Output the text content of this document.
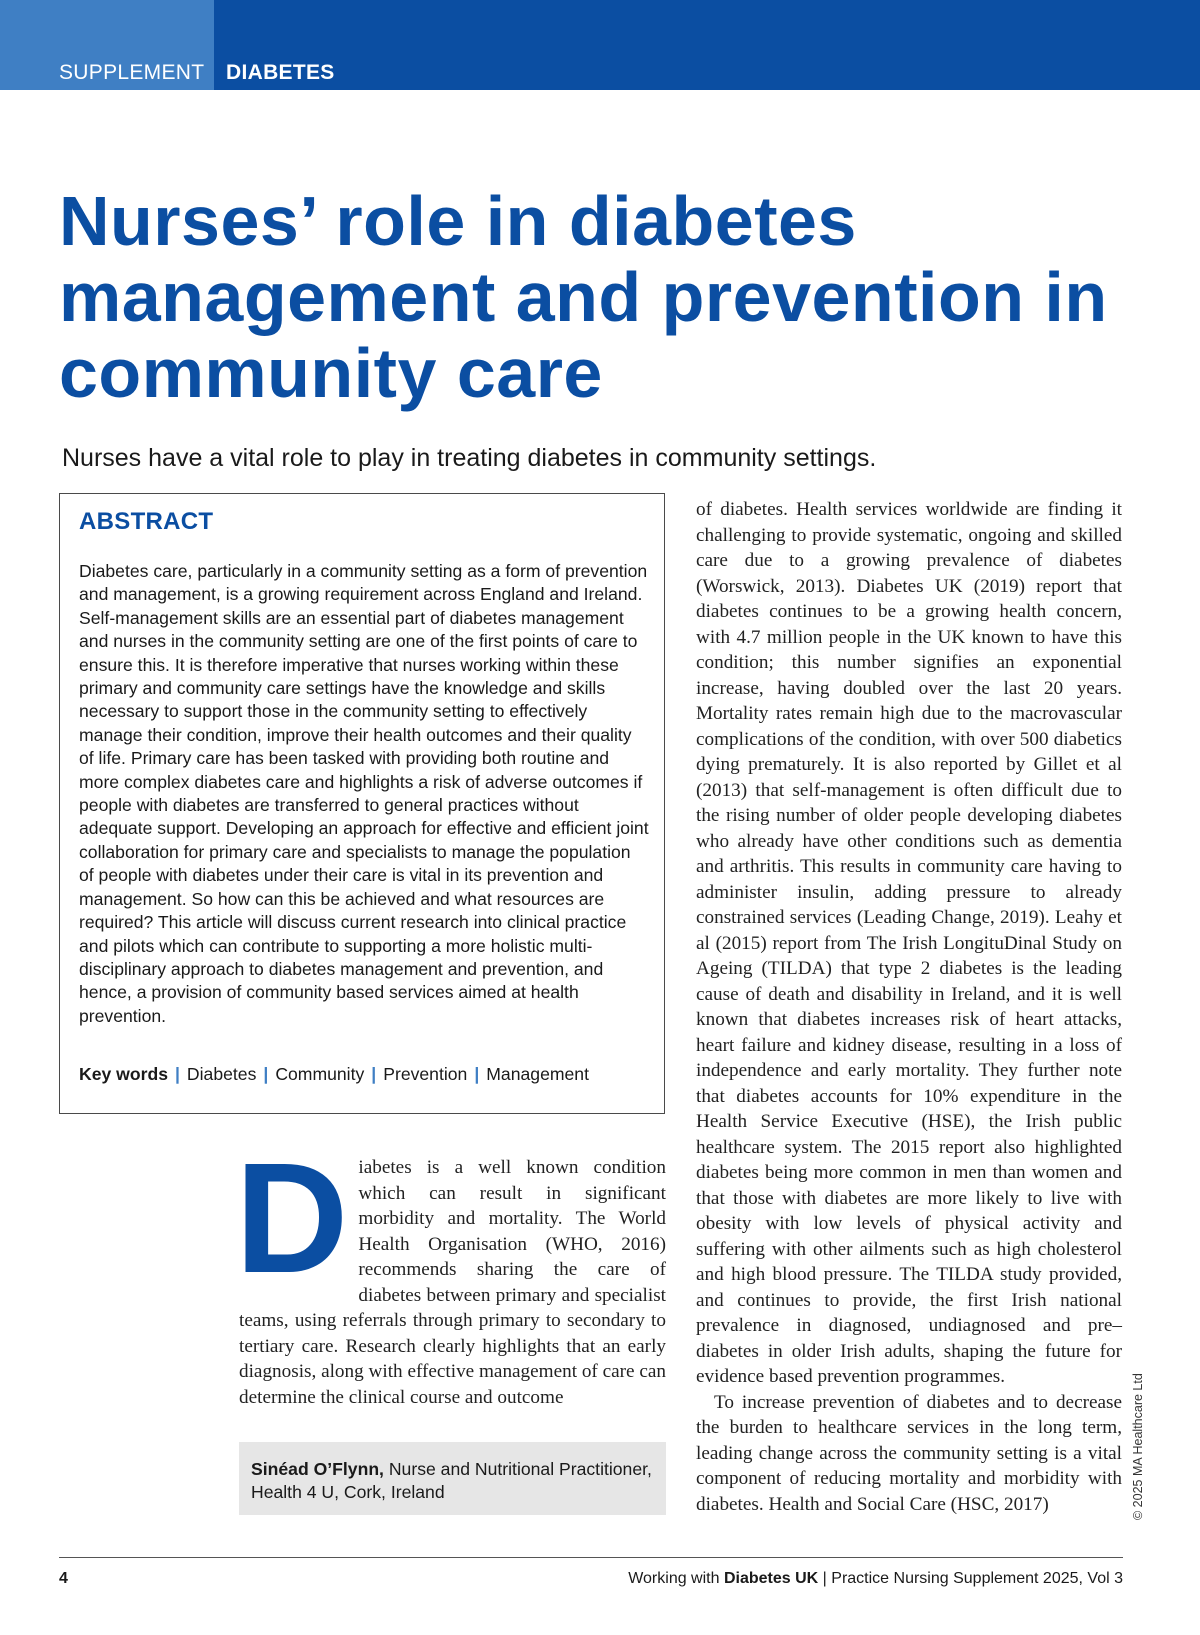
SUPPLEMENT DIABETES
Nurses’ role in diabetes management and prevention in community care

Nurses have a vital role to play in treating diabetes in community settings.

ABSTRACT

Diabetes care, particularly in a community setting as a form of prevention and management, is a growing requirement across England and Ireland. Self-management skills are an essential part of diabetes management and nurses in the community setting are one of the first points of care to ensure this. It is therefore imperative that nurses working within these primary and community care settings have the knowledge and skills necessary to support those in the community setting to effectively manage their condition, improve their health outcomes and their quality of life. Primary care has been tasked with providing both routine and more complex diabetes care and highlights a risk of adverse outcomes if people with diabetes are transferred to general practices without adequate support. Developing an approach for effective and efficient joint collaboration for primary care and specialists to manage the population of people with diabetes under their care is vital in its prevention and management. So how can this be achieved and what resources are required? This article will discuss current research into clinical practice and pilots which can contribute to supporting a more holistic multi-disciplinary approach to diabetes management and prevention, and hence, a provision of community based services aimed at health prevention.

Key words | Diabetes | Community | Prevention | Management

Diabetes is a well known condition which can result in significant morbidity and mortality. The World Health Organisation (WHO, 2016) recommends sharing the care of diabetes between primary and specialist teams, using referrals through primary to secondary to tertiary care. Research clearly highlights that an early diagnosis, along with effective management of care can determine the clinical course and outcome

Sinéad O’Flynn, Nurse and Nutritional Practitioner, Health 4 U, Cork, Ireland

of diabetes. Health services worldwide are finding it challenging to provide systematic, ongoing and skilled care due to a growing prevalence of diabetes (Worswick, 2013). Diabetes UK (2019) report that diabetes continues to be a growing health concern, with 4.7 million people in the UK known to have this condition; this number signifies an exponential increase, having doubled over the last 20 years. Mortality rates remain high due to the macrovascular complications of the condition, with over 500 diabetics dying prematurely. It is also reported by Gillet et al (2013) that self-management is often difficult due to the rising number of older people developing diabetes who already have other conditions such as dementia and arthritis. This results in community care having to administer insulin, adding pressure to already constrained services (Leading Change, 2019). Leahy et al (2015) report from The Irish LongituDinal Study on Ageing (TILDA) that type 2 diabetes is the leading cause of death and disability in Ireland, and it is well known that diabetes increases risk of heart attacks, heart failure and kidney disease, resulting in a loss of independence and early mortality. They further note that diabetes accounts for 10% expenditure in the Health Service Executive (HSE), the Irish public healthcare system. The 2015 report also highlighted diabetes being more common in men than women and that those with diabetes are more likely to live with obesity with low levels of physical activity and suffering with other ailments such as high cholesterol and high blood pressure. The TILDA study provided, and continues to provide, the first Irish national prevalence in diagnosed, undiagnosed and pre–diabetes in older Irish adults, shaping the future for evidence based prevention programmes.

To increase prevention of diabetes and to decrease the burden to healthcare services in the long term, leading change across the community setting is a vital component of reducing mortality and morbidity with diabetes. Health and Social Care (HSC, 2017)	© 2025 MA Healthcare Ltd
4	Working with Diabetes UK | Practice Nursing Supplement 2025, Vol 3
